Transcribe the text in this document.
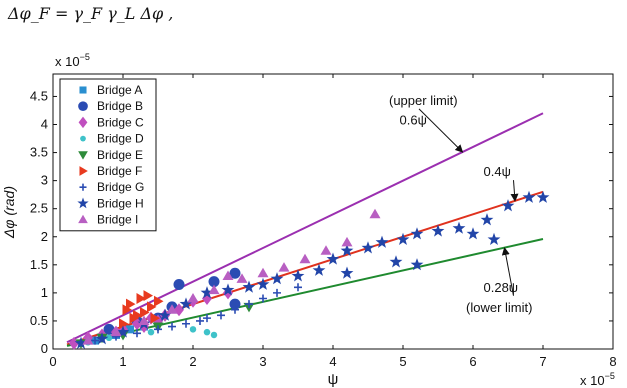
Δφ_F = γ_F γ_L Δφ ,
0	1	2	3	4	5	6	7	8
0
0.5
1
1.5
2
2.5
3
3.5
4
4.5	(upper limit)
0.6ψ
0.4ψ
0.28ψ
(lower limit)
Bridge A
Bridge B
Bridge C
Bridge D
Bridge E
Bridge F
Bridge G
Bridge H
Bridge I
x $10^{-5}$
x $10^{-5}$
ψ
Δφ (rad)
